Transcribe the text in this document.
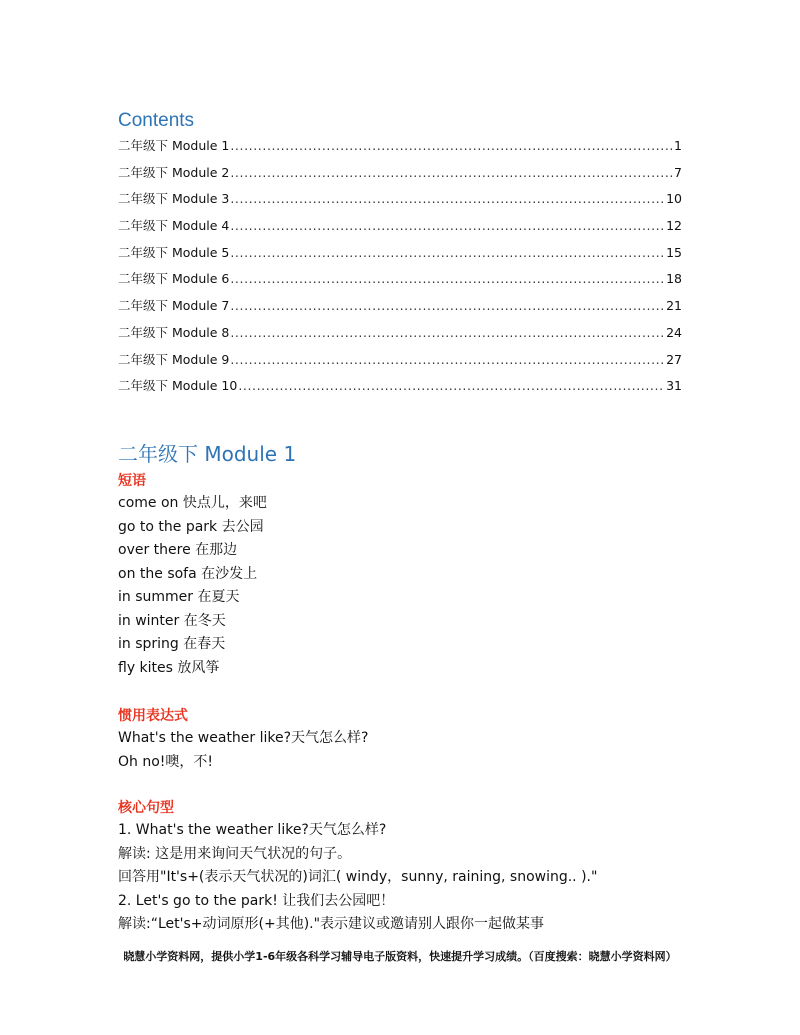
Contents
二年级下 Module 1 .....	1
二年级下 Module 2 .....	7
二年级下 Module 3 .....	10
二年级下 Module 4 .....	12
二年级下 Module 5 .....	15
二年级下 Module 6 .....	18
二年级下 Module 7 .....	21
二年级下 Module 8 .....	24
二年级下 Module 9 .....	27
二年级下 Module 10 .....	31
二年级下 Module 1
短语
come on 快点儿，来吧
go to the park 去公园
over there 在那边
on the sofa 在沙发上
in summer 在夏天
in winter 在冬天
in spring 在春天
fly kites 放风筝
惯用表达式
What's the weather like?天气怎么样?
Oh no!噢，不!
核心句型
1. What's the weather like?天气怎么样?
解读: 这是用来询问天气状况的句子。
回答用"It's+(表示天气状况的)词汇( windy，sunny, raining, snowing.. )."
2. Let's go to the park! 让我们去公园吧！
解读:“Let's+动词原形(+其他)."表示建议或邀请别人跟你一起做某事
晓慧小学资料网，提供小学1-6年级各科学习辅导电子版资料，快速提升学习成绩。（百度搜索：晓慧小学资料网）
